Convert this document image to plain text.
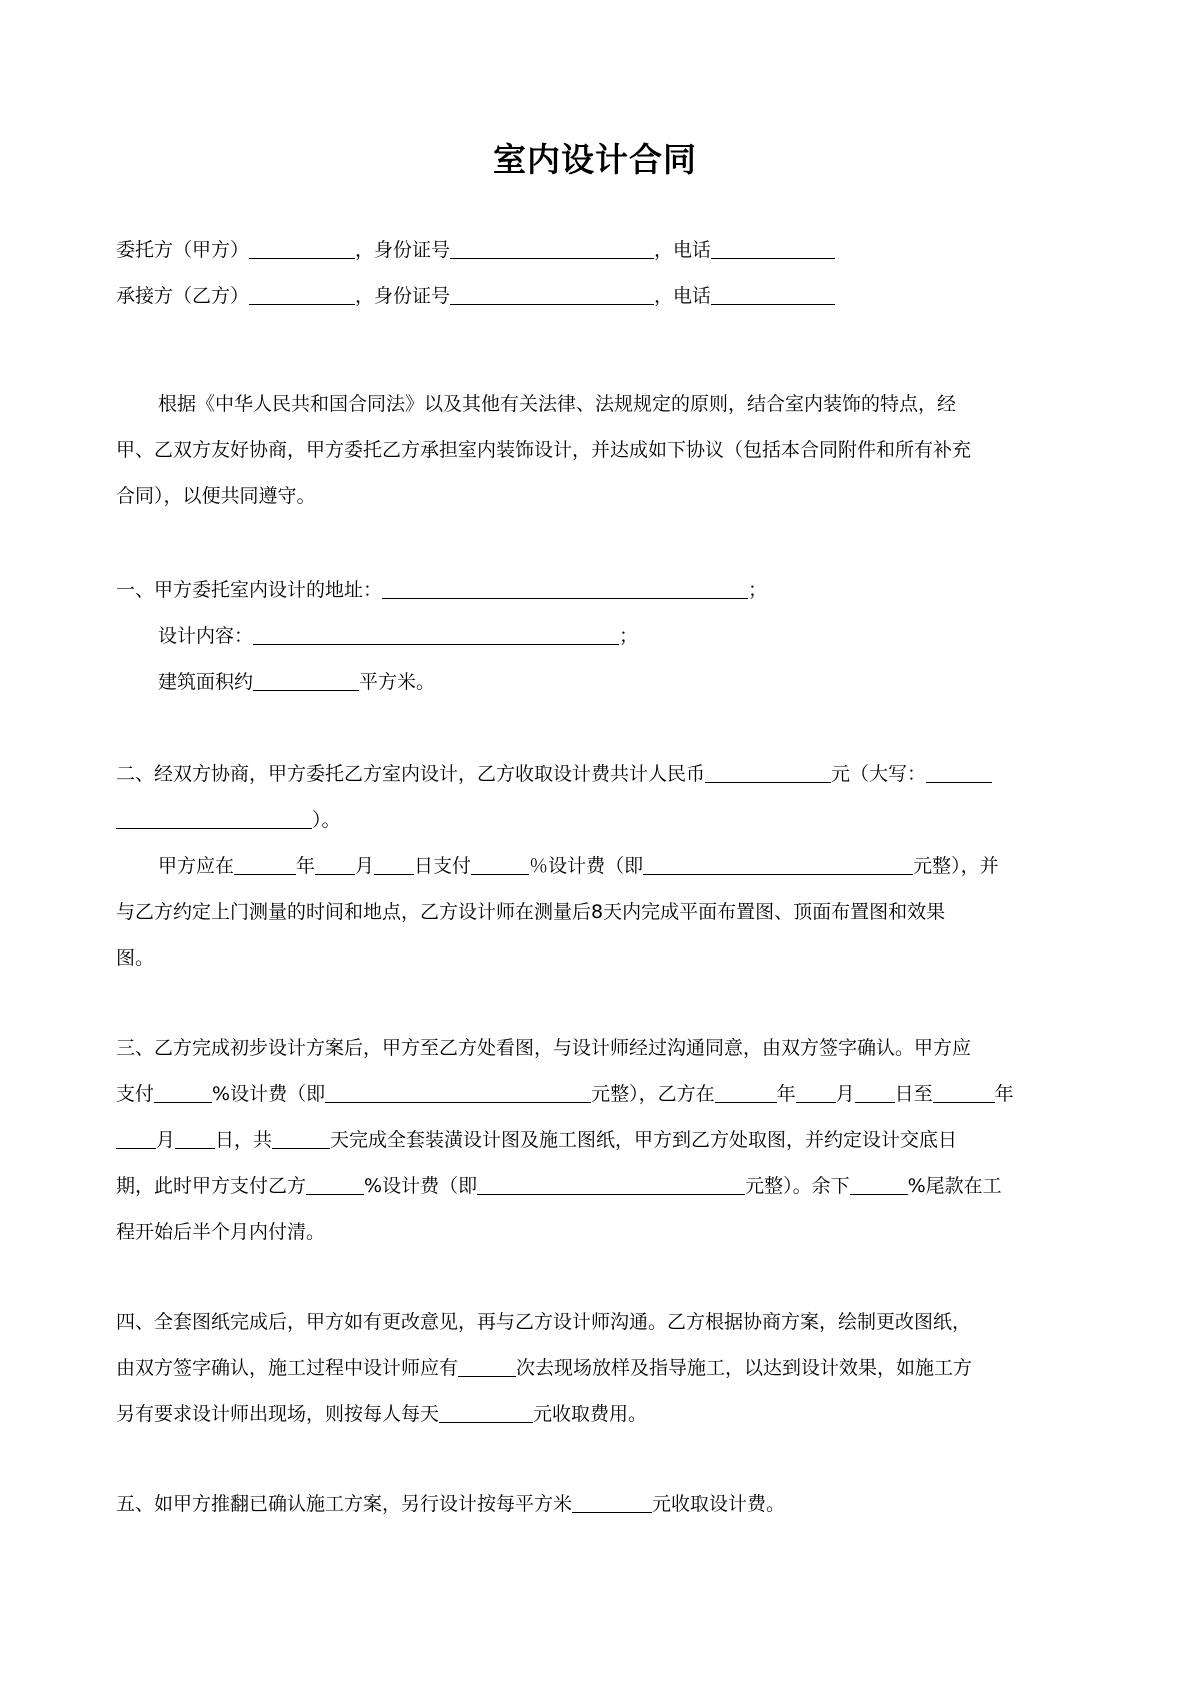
室内设计合同
委托方（甲方）	，身份证号	，电话
承接方（乙方）	，身份证号	，电话
根据《中华人民共和国合同法》以及其他有关法律、法规规定的原则，结合室内装饰的特点，经
甲、乙双方友好协商，甲方委托乙方承担室内装饰设计，并达成如下协议（包括本合同附件和所有补充
合同），以便共同遵守。
一、甲方委托室内设计的地址：	；
设计内容：	；
建筑面积约	平方米。
二、经双方协商，甲方委托乙方室内设计，乙方收取设计费共计人民币	元（大写：
）。
甲方应在	年 月 日支付	％设计费（即	元整），并
与乙方约定上门测量的时间和地点，乙方设计师在测量后8天内完成平面布置图、顶面布置图和效果
图。
三、乙方完成初步设计方案后，甲方至乙方处看图，与设计师经过沟通同意，由双方签字确认。甲方应
支付	%设计费（即	元整），乙方在	年 月 日至	年
月 日，共	天完成全套装潢设计图及施工图纸，甲方到乙方处取图，并约定设计交底日
期，此时甲方支付乙方	%设计费（即	元整）。余下	%尾款在工
程开始后半个月内付清。
四、全套图纸完成后，甲方如有更改意见，再与乙方设计师沟通。乙方根据协商方案，绘制更改图纸，
由双方签字确认，施工过程中设计师应有	次去现场放样及指导施工，以达到设计效果，如施工方
另有要求设计师出现场，则按每人每天	元收取费用。
五、如甲方推翻已确认施工方案，另行设计按每平方米	元收取设计费。
